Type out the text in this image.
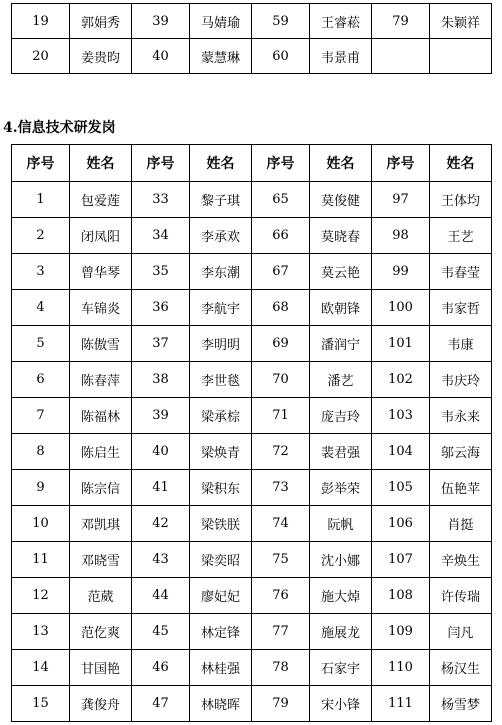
19	郭娟秀	39	马婧瑜	59	王睿菘	79	朱颖祥
20	姜贵昀	40	蒙慧琳	60	韦景甫		
4.信息技术研发岗
序号	姓名	序号	姓名	序号	姓名	序号	姓名
1	包爱莲	33	黎子琪	65	莫俊健	97	王体均
2	闭凤阳	34	李承欢	66	莫晓春	98	王艺
3	曾华琴	35	李东潮	67	莫云艳	99	韦春莹
4	车锦炎	36	李航宇	68	欧朝锋	100	韦家哲
5	陈傲雪	37	李明明	69	潘润宁	101	韦康
6	陈春萍	38	李世毯	70	潘艺	102	韦庆玲
7	陈福林	39	梁承棕	71	庞吉玲	103	韦永来
8	陈启生	40	梁焕青	72	裴君强	104	邬云海
9	陈宗信	41	梁积东	73	彭举荣	105	伍艳苹
10	邓凯琪	42	梁铁朕	74	阮帆	106	肖挺
11	邓晓雪	43	梁奕昭	75	沈小娜	107	辛焕生
12	范葳	44	廖妃妃	76	施大焯	108	许传瑞
13	范仡爽	45	林定锋	77	施展龙	109	闫凡
14	甘国艳	46	林桂强	78	石家宇	110	杨汉生
15	龚俊舟	47	林晓晖	79	宋小锋	111	杨雪梦
